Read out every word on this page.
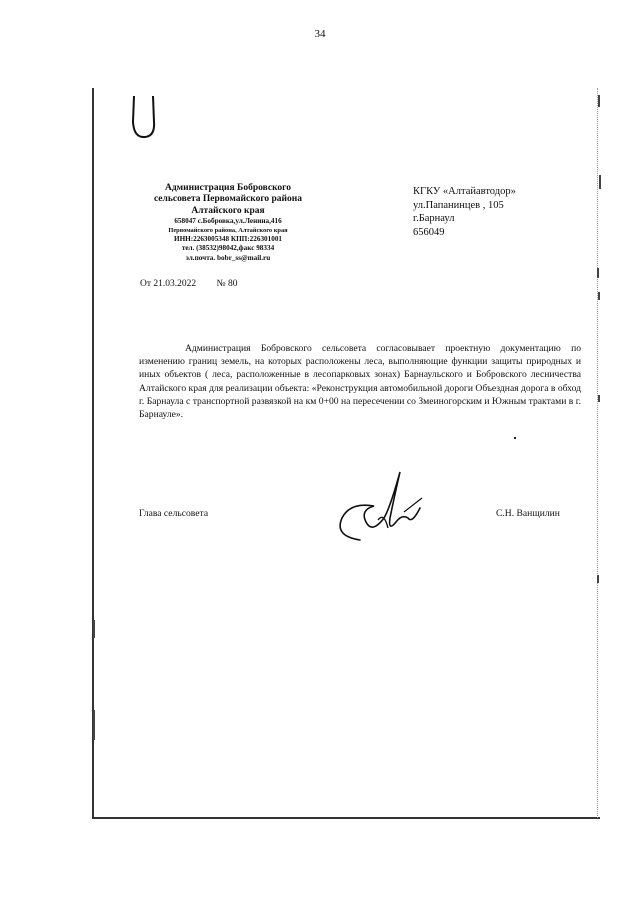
34
Администрация Бобровского
сельсовета Первомайского района
Алтайского края
658047 с.Бобровка,ул.Ленина,416
Первомайского района, Алтайского края
ИНН:2263005348 КПП:226301001
тел. (38532)98042,факс 98334
эл.почта. bobr_ss@mail.ru
КГКУ «Алтайавтодор»
ул.Папанинцев , 105
г.Барнаул
656049
От 21.03.2022 № 80
Администрация Бобровского сельсовета согласовывает проектную документацию по изменению границ земель, на которых расположены леса, выполняющие функции защиты природных и иных объектов ( леса, расположенные в лесопарковых зонах) Барнаульского и Бобровского лесничества Алтайского края для реализации объекта: «Реконструкция автомобильной дороги Объездная дорога в обход г. Барнаула с транспортной развязкой на км 0+00 на пересечении со Змеиногорским и Южным трактами в г. Барнауле».
Глава сельсовета	С.Н. Ванщилин
